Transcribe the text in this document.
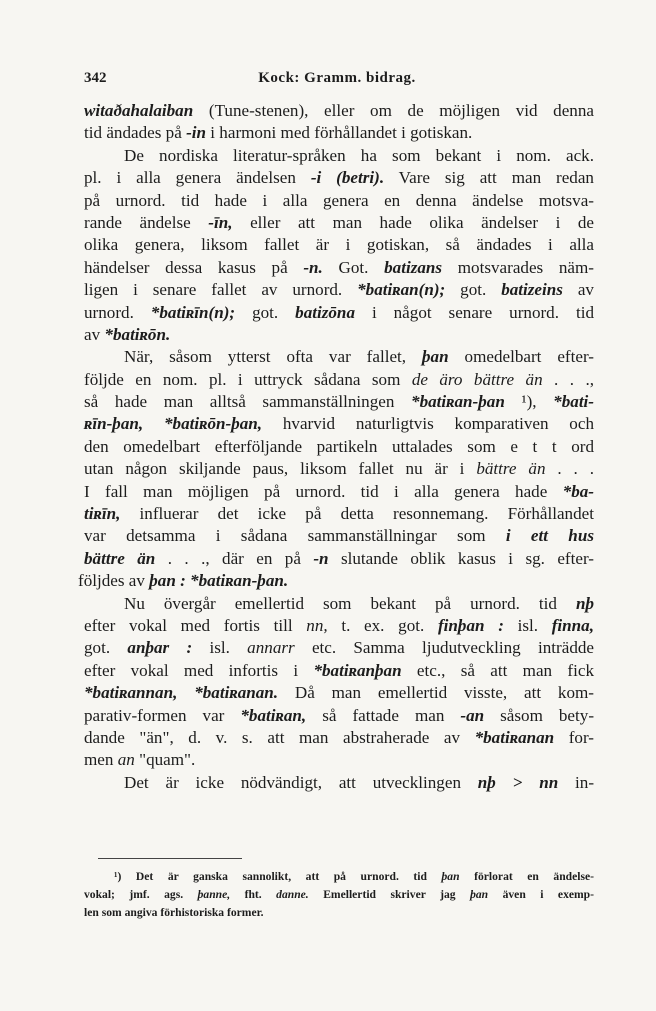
342	Kock: Gramm. bidrag.
witaðahalaiban (Tune-stenen), eller om de möjligen vid denna
tid ändades på -in i harmoni med förhållandet i gotiskan.
De nordiska literatur-språken ha som bekant i nom. ack.
pl. i alla genera ändelsen -i (betri). Vare sig att man redan
på urnord. tid hade i alla genera en denna ändelse motsva-
rande ändelse -īn, eller att man hade olika ändelser i de
olika genera, liksom fallet är i gotiskan, så ändades i alla
händelser dessa kasus på -n. Got. batizans motsvarades näm-
ligen i senare fallet av urnord. *batiʀan(n); got. batizeins av
urnord. *batiʀīn(n); got. batizōna i något senare urnord. tid
av *batiʀōn.
När, såsom ytterst ofta var fallet, þan omedelbart efter-
följde en nom. pl. i uttryck sådana som de äro bättre än . . .,
så hade man alltså sammanställningen *batiʀan-þan ¹), *bati-
ʀīn-þan, *batiʀōn-þan, hvarvid naturligtvis komparativen och
den omedelbart efterföljande partikeln uttalades som e t t ord
utan någon skiljande paus, liksom fallet nu är i bättre än . . .
I fall man möjligen på urnord. tid i alla genera hade *ba-
tiʀīn, influerar det icke på detta resonnemang. Förhållandet
var detsamma i sådana sammanställningar som i ett hus
bättre än . . ., där en på -n slutande oblik kasus i sg. efter-
följdes av þan : *batiʀan-þan.
Nu övergår emellertid som bekant på urnord. tid nþ
efter vokal med fortis till nn, t. ex. got. finþan : isl. finna,
got. anþar : isl. annarr etc. Samma ljudutveckling inträdde
efter vokal med infortis i *batiʀanþan etc., så att man fick
*batiʀannan, *batiʀanan. Då man emellertid visste, att kom-
parativ-formen var *batiʀan, så fattade man -an såsom bety-
dande "än", d. v. s. att man abstraherade av *batiʀanan for-
men an "quam".
Det är icke nödvändigt, att utvecklingen nþ > nn in-
¹) Det är ganska sannolikt, att på urnord. tid þan förlorat en ändelse-
vokal; jmf. ags. þanne, fht. danne. Emellertid skriver jag þan även i exemp-
len som angiva förhistoriska former.
